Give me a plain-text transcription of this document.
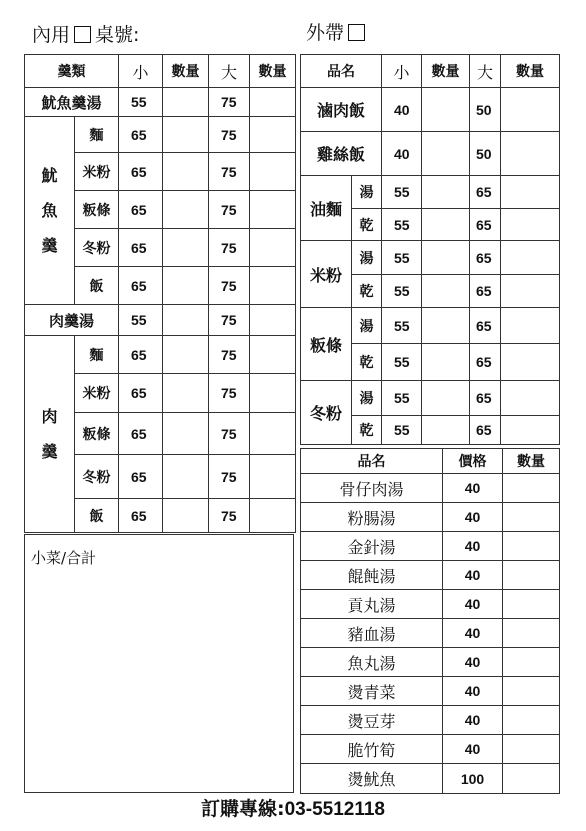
內用 桌號:	外帶
羹類		小	數量	大	數量
魷魚羹湯		55		75	

魷
魚
羹	麵	65		75	
	米粉	65		75	
	粄條	65		75	
	冬粉	65		75	
	飯	65		75	
肉羹湯		55		75	

肉
羹	麵	65		75	
	米粉	65		75	
	粄條	65		75	
	冬粉	65		75	
	飯	65		75	
品名		小	數量	大	數量
滷肉飯		40		50	
雞絲飯		40		50	
油麵	湯	55		65	
	乾	55		65	
米粉	湯	55		65	
	乾	55		65	
粄條	湯	55		65	
	乾	55		65	
冬粉	湯	55		65	
	乾	55		65	
品名	價格	數量
骨仔肉湯	40	
粉腸湯	40	
金針湯	40	
餛飩湯	40	
貢丸湯	40	
豬血湯	40	
魚丸湯	40	
燙青菜	40	
燙豆芽	40	
脆竹筍	40	
燙魷魚	100	
小菜/合計
訂購專線:03-5512118
